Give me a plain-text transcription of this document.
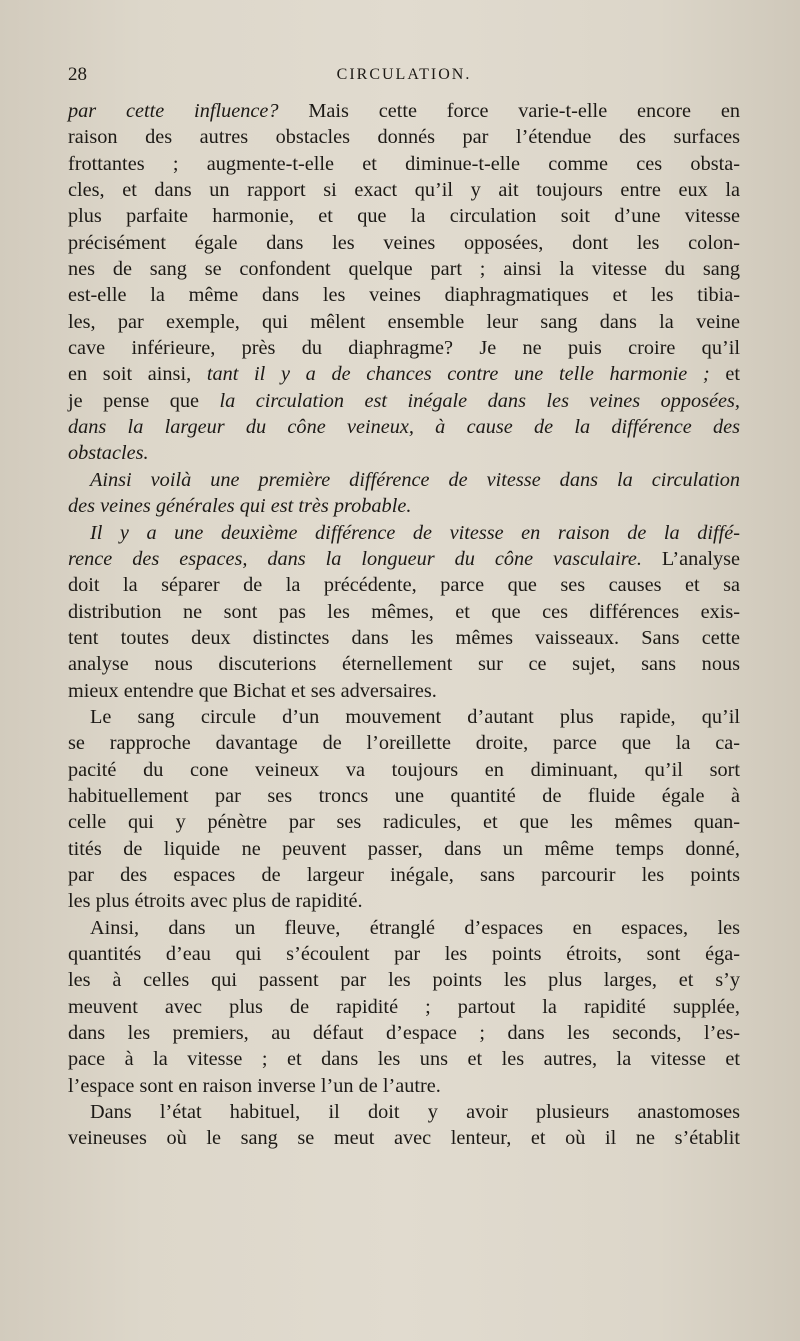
28	CIRCULATION.
par cette influence? Mais cette force varie-t-elle encore en
raison des autres obstacles donnés par l’étendue des surfaces
frottantes ; augmente-t-elle et diminue-t-elle comme ces obsta-
cles, et dans un rapport si exact qu’il y ait toujours entre eux la
plus parfaite harmonie, et que la circulation soit d’une vitesse
précisément égale dans les veines opposées, dont les colon-
nes de sang se confondent quelque part ; ainsi la vitesse du sang
est-elle la même dans les veines diaphragmatiques et les tibia-
les, par exemple, qui mêlent ensemble leur sang dans la veine
cave inférieure, près du diaphragme? Je ne puis croire qu’il
en soit ainsi, tant il y a de chances contre une telle harmonie ; et
je pense que la circulation est inégale dans les veines opposées,
dans la largeur du cône veineux, à cause de la différence des
obstacles.
Ainsi voilà une première différence de vitesse dans la circulation
des veines générales qui est très probable.
Il y a une deuxième différence de vitesse en raison de la diffé-
rence des espaces, dans la longueur du cône vasculaire. L’analyse
doit la séparer de la précédente, parce que ses causes et sa
distribution ne sont pas les mêmes, et que ces différences exis-
tent toutes deux distinctes dans les mêmes vaisseaux. Sans cette
analyse nous discuterions éternellement sur ce sujet, sans nous
mieux entendre que Bichat et ses adversaires.
Le sang circule d’un mouvement d’autant plus rapide, qu’il
se rapproche davantage de l’oreillette droite, parce que la ca-
pacité du cone veineux va toujours en diminuant, qu’il sort
habituellement par ses troncs une quantité de fluide égale à
celle qui y pénètre par ses radicules, et que les mêmes quan-
tités de liquide ne peuvent passer, dans un même temps donné,
par des espaces de largeur inégale, sans parcourir les points
les plus étroits avec plus de rapidité.
Ainsi, dans un fleuve, étranglé d’espaces en espaces, les
quantités d’eau qui s’écoulent par les points étroits, sont éga-
les à celles qui passent par les points les plus larges, et s’y
meuvent avec plus de rapidité ; partout la rapidité supplée,
dans les premiers, au défaut d’espace ; dans les seconds, l’es-
pace à la vitesse ; et dans les uns et les autres, la vitesse et
l’espace sont en raison inverse l’un de l’autre.
Dans l’état habituel, il doit y avoir plusieurs anastomoses
veineuses où le sang se meut avec lenteur, et où il ne s’établit
